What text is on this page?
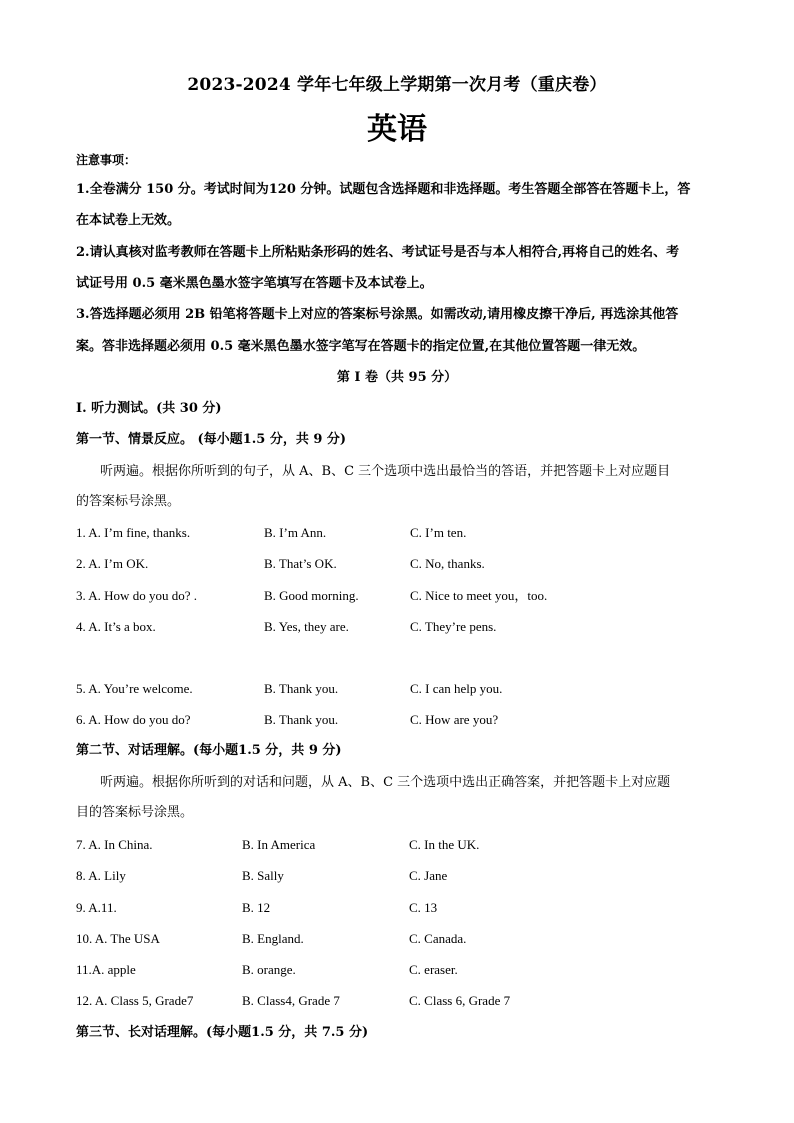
2023-2024 学年七年级上学期第一次月考（重庆卷）
英语
注意事项：
1.全卷满分 150 分。考试时间为120 分钟。试题包含选择题和非选择题。考生答题全部答在答题卡上，答
在本试卷上无效。
2.请认真核对监考教师在答题卡上所粘贴条形码的姓名、考试证号是否与本人相符合,再将自己的姓名、考
试证号用 0.5 毫米黑色墨水签字笔填写在答题卡及本试卷上。
3.答选择题必须用 2B 铅笔将答题卡上对应的答案标号涂黑。如需改动,请用橡皮擦干净后, 再选涂其他答
案。答非选择题必须用 0.5 毫米黑色墨水签字笔写在答题卡的指定位置,在其他位置答题一律无效。
第 I 卷（共 95 分）
I. 听力测试。(共 30 分)
第一节、情景反应。 (每小题1.5 分，共 9 分)
听两遍。根据你所听到的句子，从 A、B、C 三个选项中选出最恰当的答语，并把答题卡上对应题目
的答案标号涂黑。
1. A. I’m fine, thanks.	B. I’m Ann.	C. I’m ten.
2. A. I’m OK.	B. That’s OK.	C. No, thanks.
3. A. How do you do? .	B. Good morning.	C. Nice to meet you，too.
4. A. It’s a box.	B. Yes, they are.	C. They’re pens.
5. A. You’re welcome.	B. Thank you.	C. I can help you.
6. A. How do you do?	B. Thank you.	C. How are you?
第二节、对话理解。(每小题1.5 分，共 9 分)
听两遍。根据你所听到的对话和问题，从 A、B、C 三个选项中选出正确答案，并把答题卡上对应题
目的答案标号涂黑。
7. A. In China.	B. In America	C. In the UK.
8. A. Lily	B. Sally	C. Jane
9. A.11.	B. 12	C. 13
10. A. The USA	B. England.	C. Canada.
11.A. apple	B. orange.	C. eraser.
12. A. Class 5, Grade7	B. Class4, Grade 7	C. Class 6, Grade 7
第三节、长对话理解。(每小题1.5 分，共 7.5 分)
